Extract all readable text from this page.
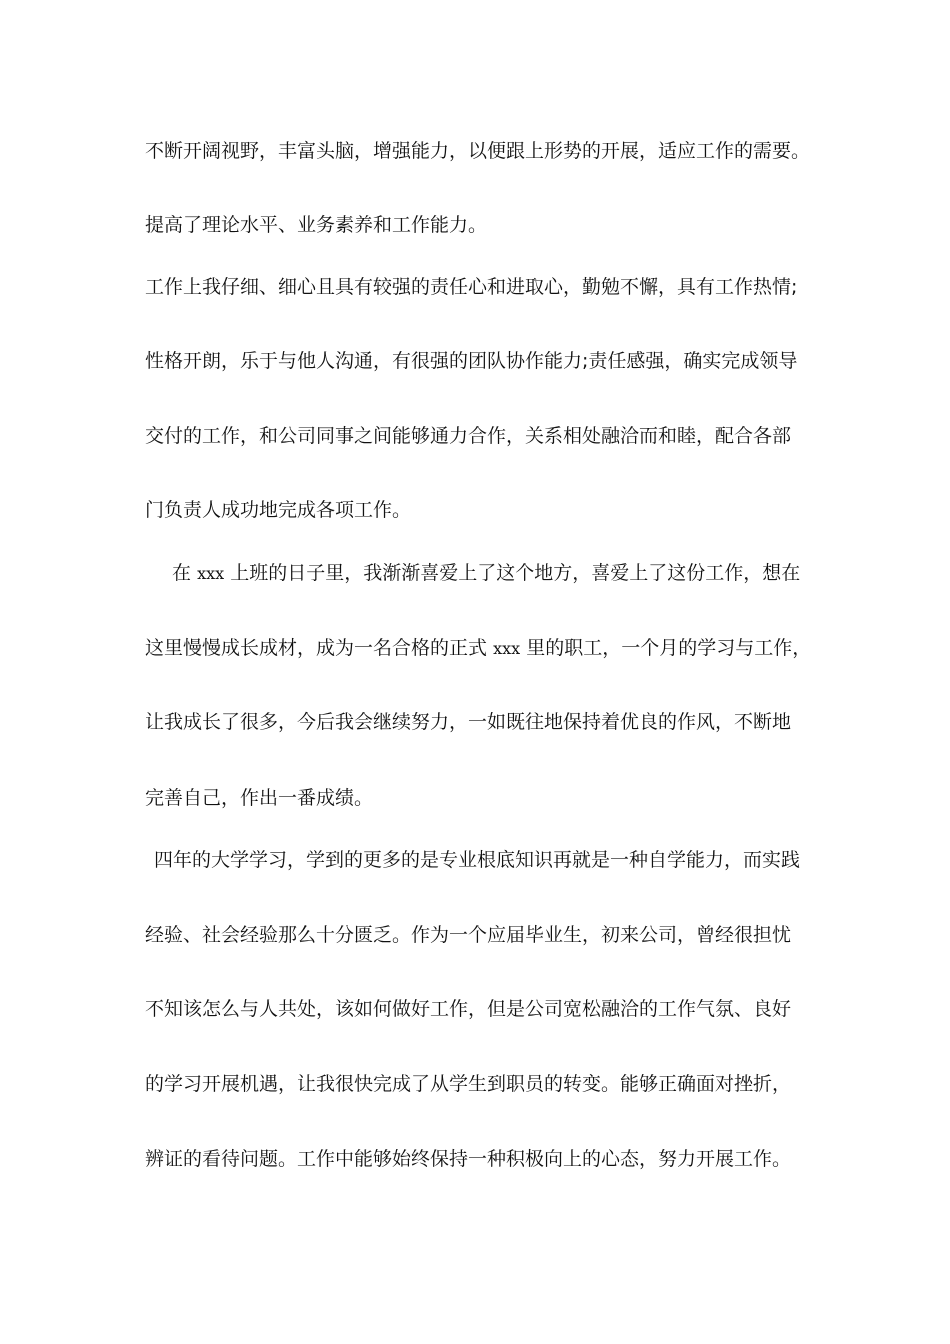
不断开阔视野，丰富头脑，增强能力，以便跟上形势的开展，适应工作的需要。
提高了理论水平、业务素养和工作能力。
工作上我仔细、细心且具有较强的责任心和进取心，勤勉不懈，具有工作热情;
性格开朗，乐于与他人沟通，有很强的团队协作能力;责任感强，确实完成领导
交付的工作，和公司同事之间能够通力合作，关系相处融洽而和睦，配合各部
门负责人成功地完成各项工作。
在 xxx 上班的日子里，我渐渐喜爱上了这个地方，喜爱上了这份工作，想在
这里慢慢成长成材，成为一名合格的正式 xxx 里的职工，一个月的学习与工作，
让我成长了很多，今后我会继续努力，一如既往地保持着优良的作风，不断地
完善自己，作出一番成绩。
四年的大学学习，学到的更多的是专业根底知识再就是一种自学能力，而实践
经验、社会经验那么十分匮乏。作为一个应届毕业生，初来公司，曾经很担忧
不知该怎么与人共处，该如何做好工作，但是公司宽松融洽的工作气氛、良好
的学习开展机遇，让我很快完成了从学生到职员的转变。能够正确面对挫折，
辨证的看待问题。工作中能够始终保持一种积极向上的心态，努力开展工作。
